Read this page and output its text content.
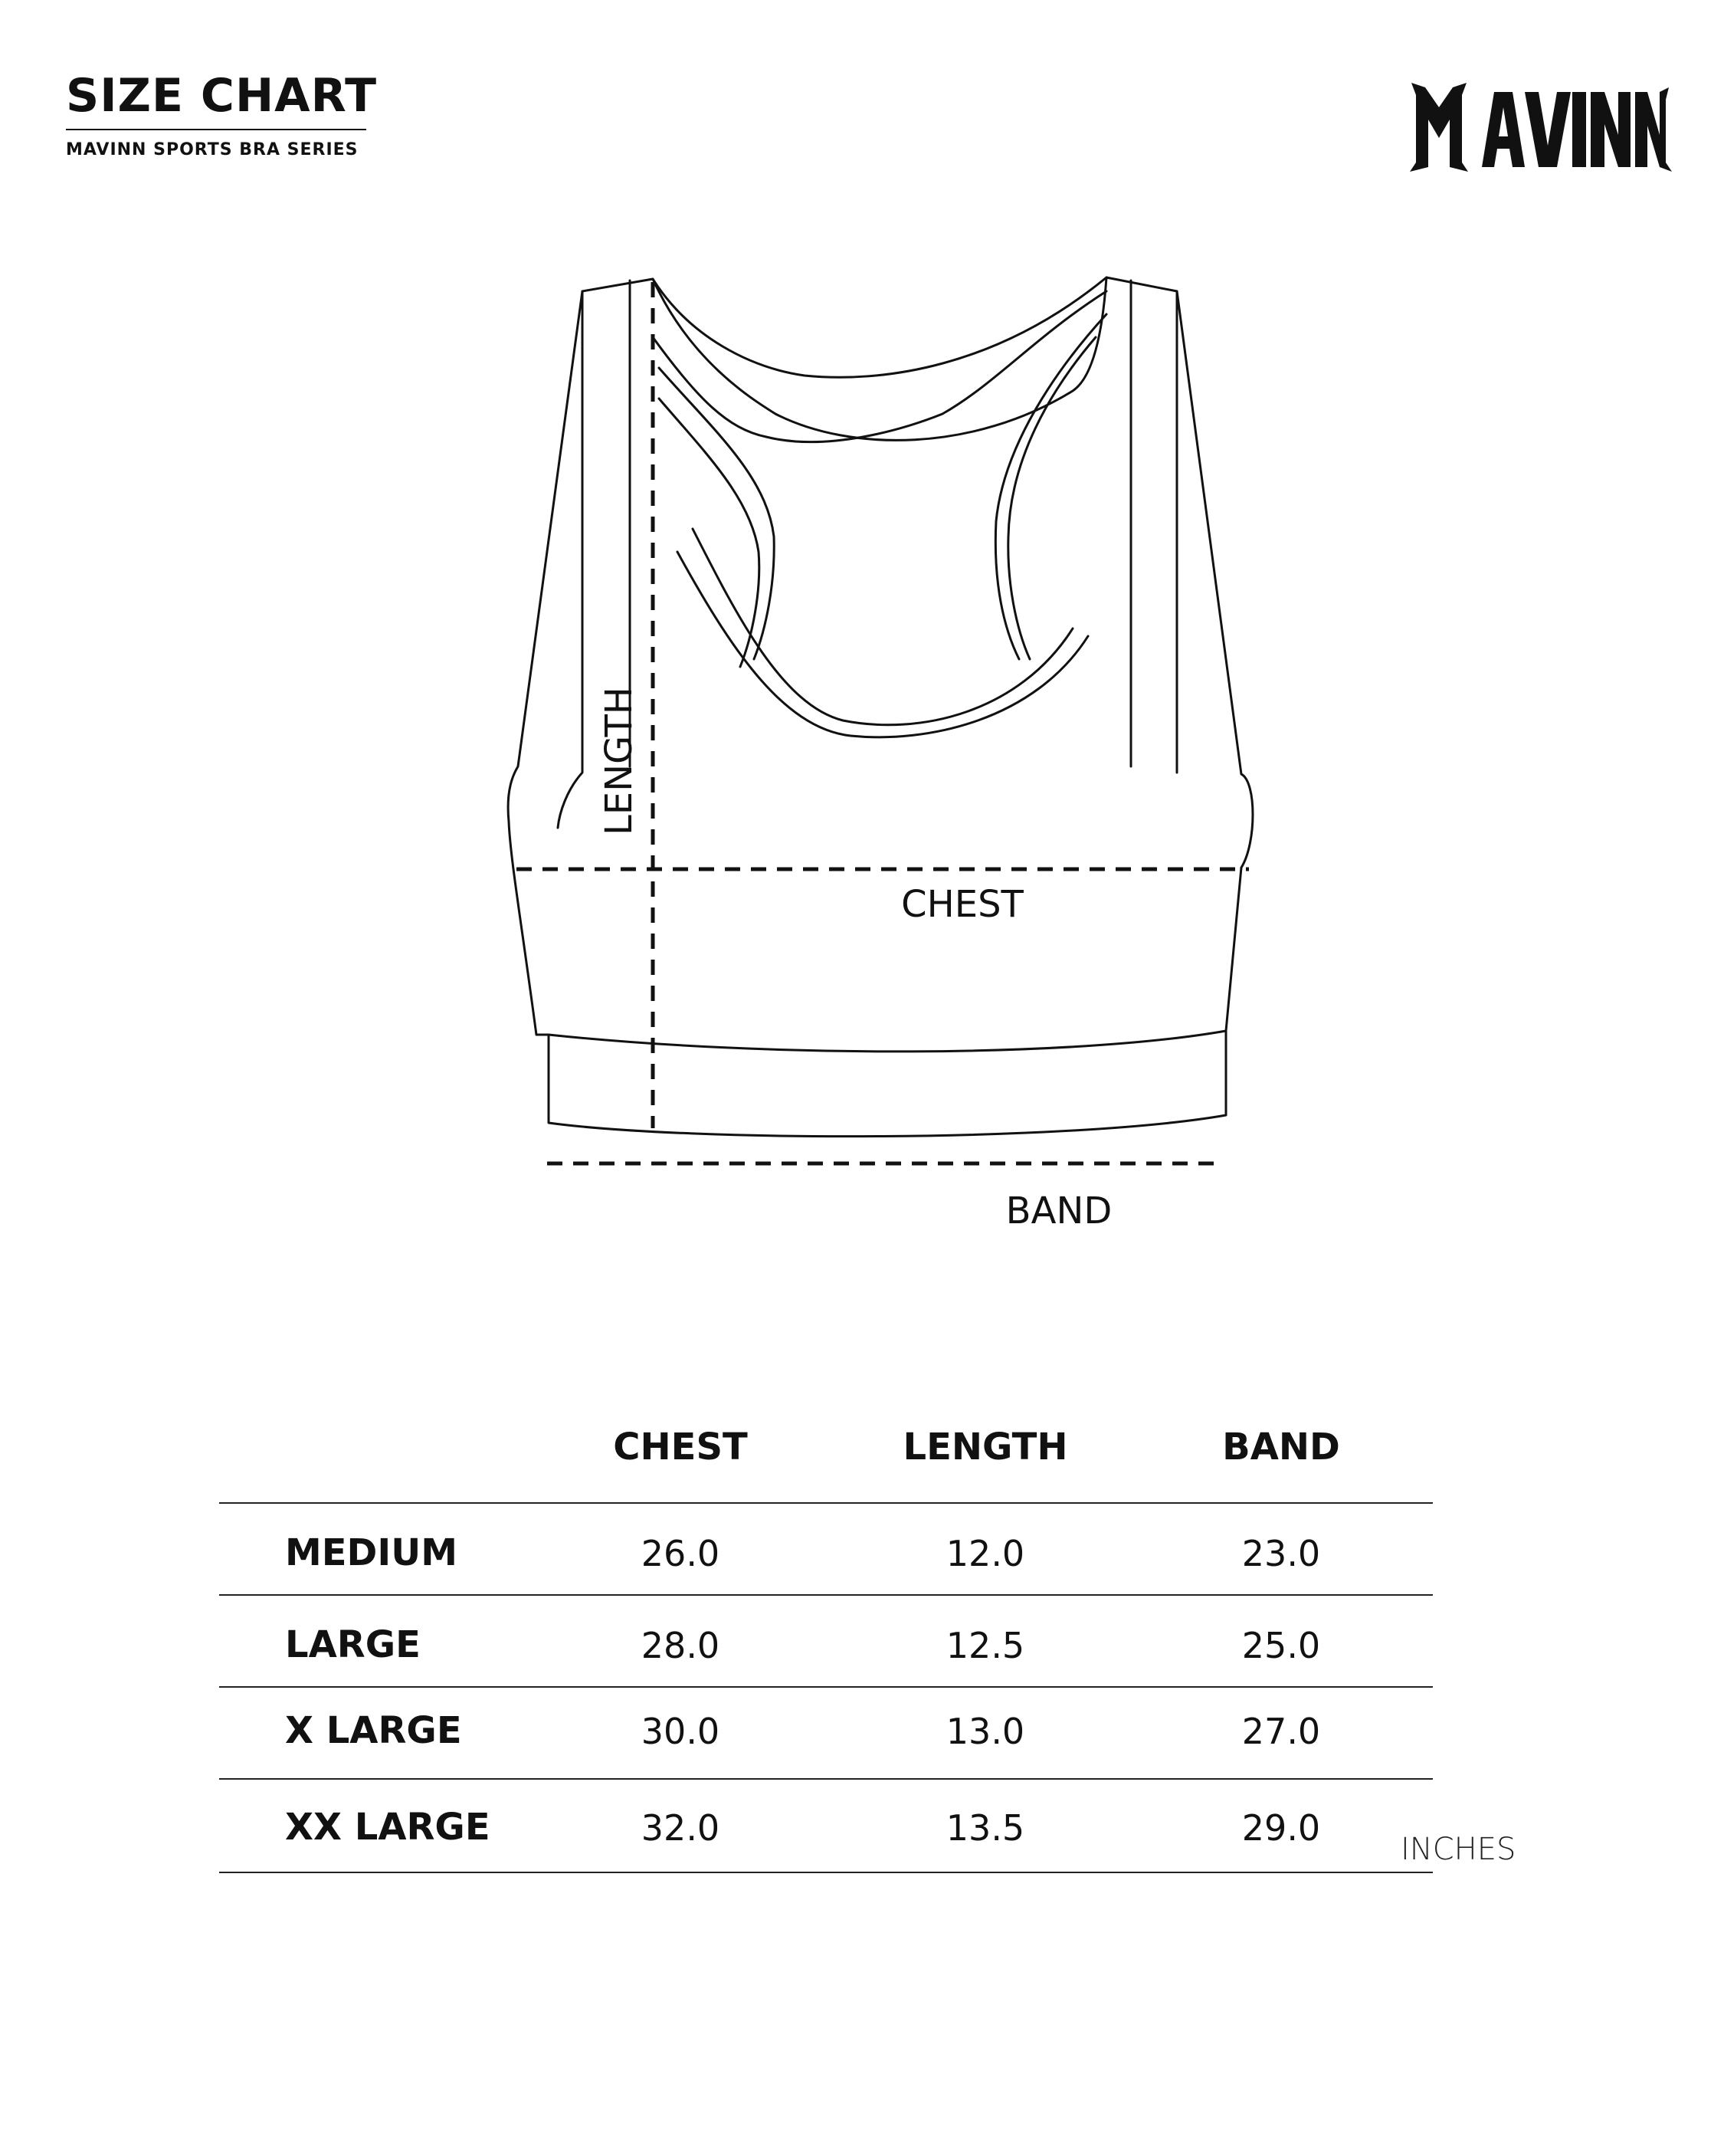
SIZE CHART
MAVINN SPORTS BRA SERIES
LENGTH
CHEST
BAND
CHEST	LENGTH	BAND
MEDIUM	26.0	12.0	23.0
LARGE	28.0	12.5	25.0
X LARGE	30.0	13.0	27.0
XX LARGE	32.0	13.5	29.0
INCHES
